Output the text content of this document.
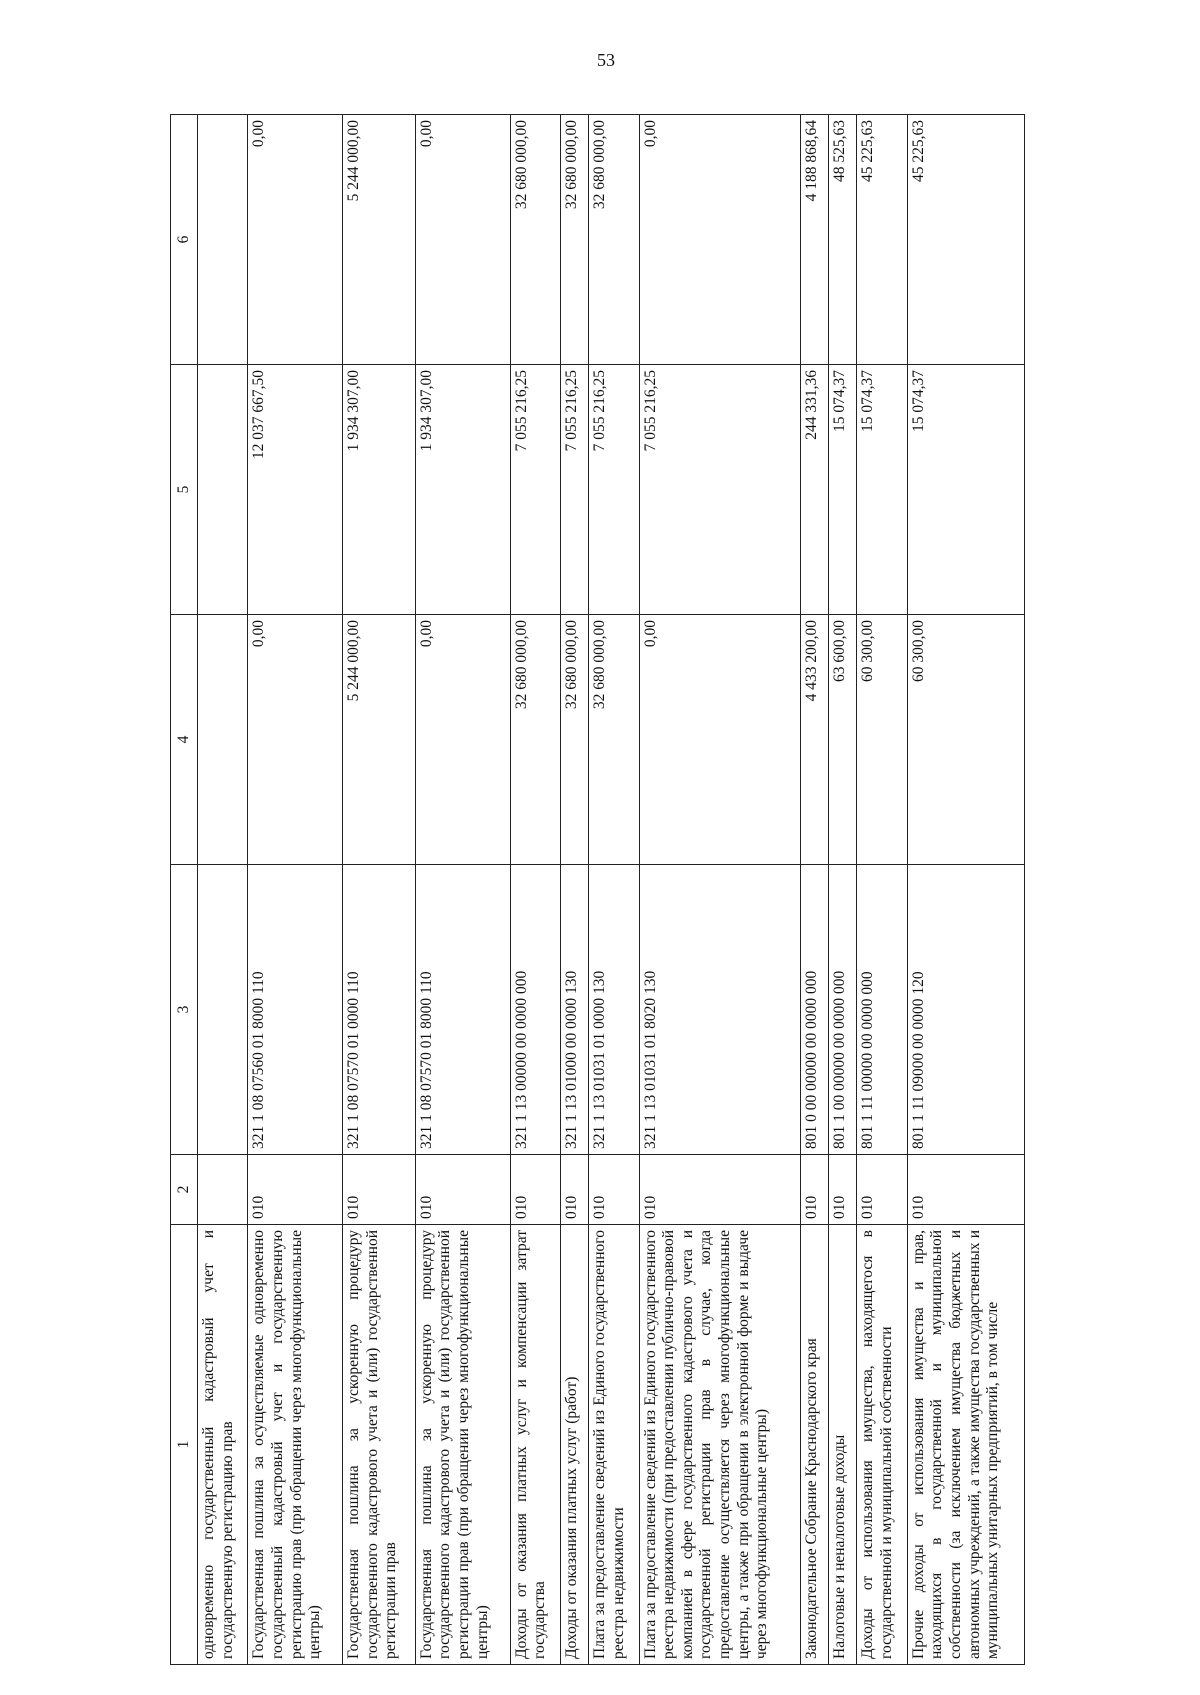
53
1	2	3	4	5	6
одновременно государственный кадастровый учет и государственную регистрацию прав					
Государственная пошлина за осуществляемые одновременно государственный кадастровый учет и государственную регистрацию прав (при обращении через многофункциональные центры)	010	321 1 08 07560 01 8000 110	0,00	12 037 667,50	0,00
Государственная пошлина за ускоренную процедуру государственного кадастрового учета и (или) государственной регистрации прав	010	321 1 08 07570 01 0000 110	5 244 000,00	1 934 307,00	5 244 000,00
Государственная пошлина за ускоренную процедуру государственного кадастрового учета и (или) государственной регистрации прав (при обращении через многофункциональные центры)	010	321 1 08 07570 01 8000 110	0,00	1 934 307,00	0,00
Доходы от оказания платных услуг и компенсации затрат государства	010	321 1 13 00000 00 0000 000	32 680 000,00	7 055 216,25	32 680 000,00
Доходы от оказания платных услуг (работ)	010	321 1 13 01000 00 0000 130	32 680 000,00	7 055 216,25	32 680 000,00
Плата за предоставление сведений из Единого государственного реестра недвижимости	010	321 1 13 01031 01 0000 130	32 680 000,00	7 055 216,25	32 680 000,00
Плата за предоставление сведений из Единого государственного реестра недвижимости (при предоставлении публично-правовой компанией в сфере государственного кадастрового учета и государственной регистрации прав в случае, когда предоставление осуществляется через многофункциональные центры, а также при обращении в электронной форме и выдаче через многофункциональные центры)	010	321 1 13 01031 01 8020 130	0,00	7 055 216,25	0,00
Законодательное Собрание Краснодарского края	010	801 0 00 00000 00 0000 000	4 433 200,00	244 331,36	4 188 868,64
Налоговые и неналоговые доходы	010	801 1 00 00000 00 0000 000	63 600,00	15 074,37	48 525,63
Доходы от использования имущества, находящегося в государственной и муниципальной собственности	010	801 1 11 00000 00 0000 000	60 300,00	15 074,37	45 225,63
Прочие доходы от использования имущества и прав, находящихся в государственной и муниципальной собственности (за исключением имущества бюджетных и автономных учреждений, а также имущества государственных и муниципальных унитарных предприятий, в том числе	010	801 1 11 09000 00 0000 120	60 300,00	15 074,37	45 225,63
